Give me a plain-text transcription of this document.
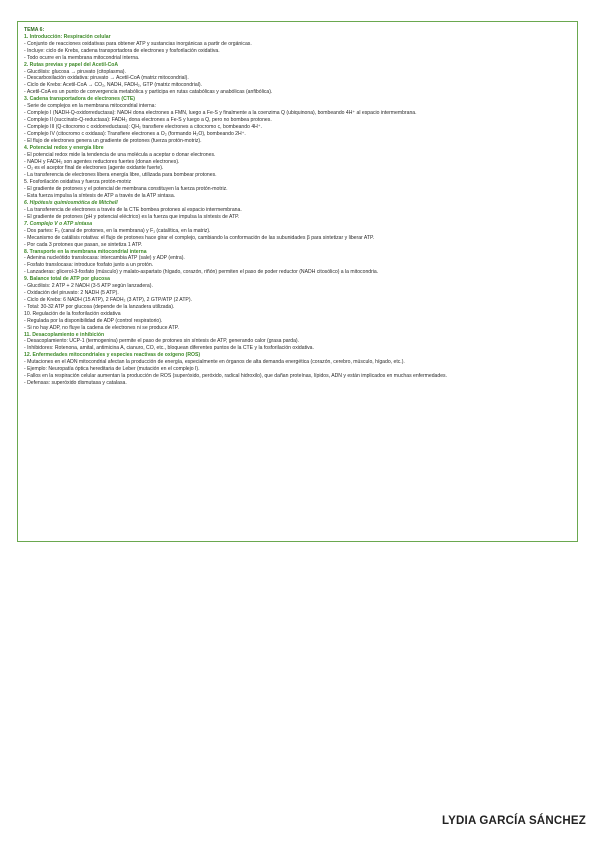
TEMA 6:
1. Introducción: Respiración celular
- Conjunto de reacciones oxidativas para obtener ATP y sustancias inorgánicas a partir de orgánicas.
- Incluye: ciclo de Krebs, cadena transportadora de electrones y fosforilación oxidativa.
- Todo ocurre en la membrana mitocondrial interna.
2. Rutas previas y papel del Acetil-CoA
- Glucólisis: glucosa → piruvato (citoplasma).
- Descarboxilación oxidativa: piruvato → Acetil-CoA (matriz mitocondrial).
- Ciclo de Krebs: Acetil-CoA → CO₂, NADH, FADH₂, GTP (matriz mitocondrial).
- Acetil-CoA es un punto de convergencia metabólica y participa en rutas catabólicas y anabólicas (anfibólica).
3. Cadena transportadora de electrones (CTE)
- Serie de complejos en la membrana mitocondrial interna:
- Complejo I (NADH-Q-oxidorreductasa): NADH dona electrones a FMN, luego a Fe-S y finalmente a la coenzima Q (ubiquinona), bombeando 4H⁺ al espacio intermembrana.
- Complejo II (succinato-Q-reductasa): FADH₂ dona electrones a Fe-S y luego a Q, pero no bombea protones.
- Complejo III (Q-citocromo c oxidorreductasa): QH₂ transfiere electrones a citocromo c, bombeando 4H⁺.
- Complejo IV (citocromo c oxidasa): Transfiere electrones a O₂ (formando H₂O), bombeando 2H⁺.
- El flujo de electrones genera un gradiente de protones (fuerza protón-motriz).
4. Potencial redox y energía libre
- El potencial redox mide la tendencia de una molécula a aceptar o donar electrones.
- NADH y FADH₂ son agentes reductores fuertes (donan electrones).
- O₂ es el aceptor final de electrones (agente oxidante fuerte).
- La transferencia de electrones libera energía libre, utilizada para bombear protones.
5. Fosforilación oxidativa y fuerza protón-motriz
- El gradiente de protones y el potencial de membrana constituyen la fuerza protón-motriz.
- Esta fuerza impulsa la síntesis de ATP a través de la ATP sintasa.
6. Hipótesis quimiosmótica de Mitchell
- La transferencia de electrones a través de la CTE bombea protones al espacio intermembrana.
- El gradiente de protones (pH y potencial eléctrico) es la fuerza que impulsa la síntesis de ATP.
7. Complejo V o ATP sintasa
- Dos partes: F₀ (canal de protones, en la membrana) y F₁ (catalítica, en la matriz).
- Mecanismo de catálisis rotativa: el flujo de protones hace girar el complejo, cambiando la conformación de las subunidades β para sintetizar y liberar ATP.
- Por cada 3 protones que pasan, se sintetiza 1 ATP.
8. Transporte en la membrana mitocondrial interna
- Adenina nucleótido translocasa: intercambia ATP (sale) y ADP (entra).
- Fosfato translocasa: introduce fosfato junto a un protón.
- Lanzaderas: glicerol-3-fosfato (músculo) y malato-aspartato (hígado, corazón, riñón) permiten el paso de poder reductor (NADH citosólico) a la mitocondria.
9. Balance total de ATP por glucosa
- Glucólisis: 2 ATP + 2 NADH (3-5 ATP según lanzadera).
- Oxidación del piruvato: 2 NADH (5 ATP).
- Ciclo de Krebs: 6 NADH (15 ATP), 2 FADH₂ (3 ATP), 2 GTP/ATP (2 ATP).
- Total: 30-32 ATP por glucosa (depende de la lanzadera utilizada).
10. Regulación de la fosforilación oxidativa
- Regulada por la disponibilidad de ADP (control respiratorio).
- Si no hay ADP, no fluye la cadena de electrones ni se produce ATP.
11. Desacoplamiento e inhibición
- Desacoplamiento: UCP-1 (termogenina) permite el paso de protones sin síntesis de ATP, generando calor (grasa parda).
- Inhibidores: Rotenona, amital, antimicina A, cianuro, CO, etc., bloquean diferentes puntos de la CTE y la fosforilación oxidativa.
12. Enfermedades mitocondriales y especies reactivas de oxígeno (ROS)
- Mutaciones en el ADN mitocondrial afectan la producción de energía, especialmente en órganos de alta demanda energética (corazón, cerebro, músculo, hígado, etc.).
- Ejemplo: Neuropatía óptica hereditaria de Leber (mutación en el complejo I).
- Fallos en la respiración celular aumentan la producción de ROS (superóxido, peróxido, radical hidroxilo), que dañan proteínas, lípidos, ADN y están implicados en muchas enfermedades.
- Defensas: superóxido dismutasa y catalasa.
LYDIA GARCÍA SÁNCHEZ
